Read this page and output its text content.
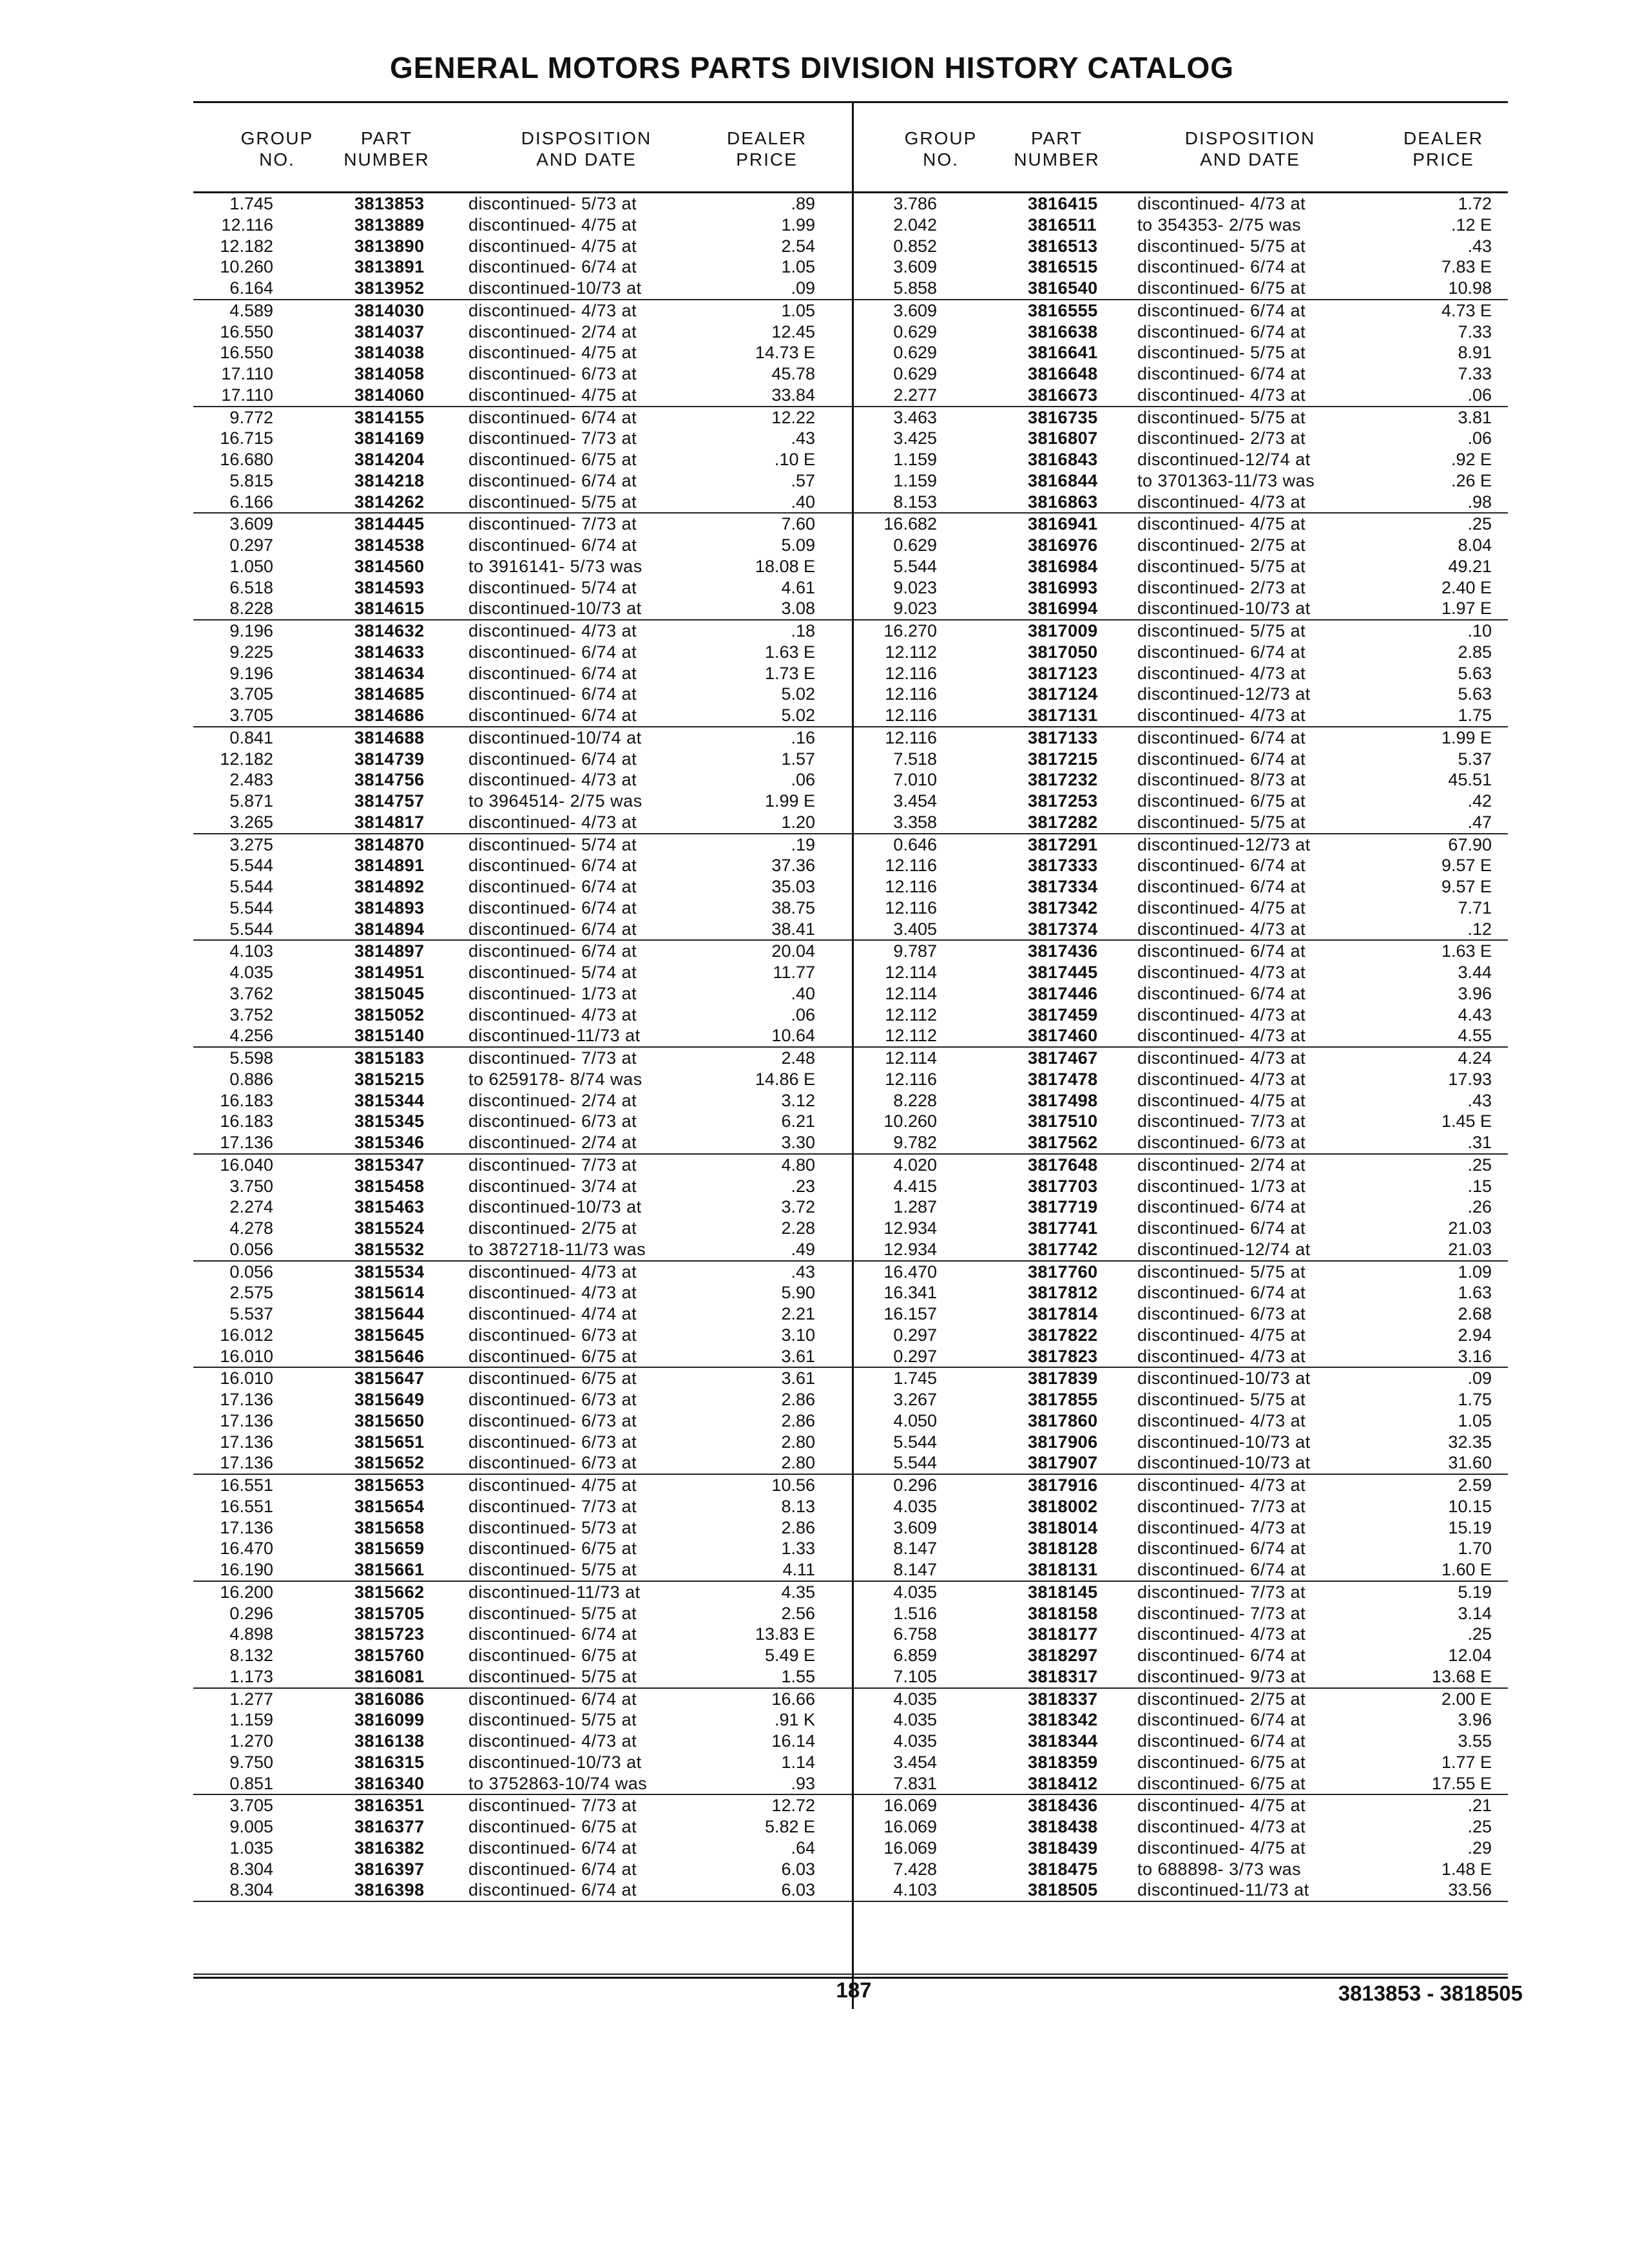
GENERAL MOTORS PARTS DIVISION HISTORY CATALOG
GROUP
NO.
PART
NUMBER
DISPOSITION
AND DATE
DEALER
PRICE
GROUP
NO.
PART
NUMBER
DISPOSITION
AND DATE
DEALER
PRICE
1.745	3813853	discontinued- 5/73 at	.89
12.116	3813889	discontinued- 4/75 at	1.99
12.182	3813890	discontinued- 4/75 at	2.54
10.260	3813891	discontinued- 6/74 at	1.05
6.164	3813952	discontinued-10/73 at	.09
4.589	3814030	discontinued- 4/73 at	1.05
16.550	3814037	discontinued- 2/74 at	12.45
16.550	3814038	discontinued- 4/75 at	14.73 E
17.110	3814058	discontinued- 6/73 at	45.78
17.110	3814060	discontinued- 4/75 at	33.84
9.772	3814155	discontinued- 6/74 at	12.22
16.715	3814169	discontinued- 7/73 at	.43
16.680	3814204	discontinued- 6/75 at	.10 E
5.815	3814218	discontinued- 6/74 at	.57
6.166	3814262	discontinued- 5/75 at	.40
3.609	3814445	discontinued- 7/73 at	7.60
0.297	3814538	discontinued- 6/74 at	5.09
1.050	3814560	to 3916141- 5/73 was	18.08 E
6.518	3814593	discontinued- 5/74 at	4.61
8.228	3814615	discontinued-10/73 at	3.08
9.196	3814632	discontinued- 4/73 at	.18
9.225	3814633	discontinued- 6/74 at	1.63 E
9.196	3814634	discontinued- 6/74 at	1.73 E
3.705	3814685	discontinued- 6/74 at	5.02
3.705	3814686	discontinued- 6/74 at	5.02
0.841	3814688	discontinued-10/74 at	.16
12.182	3814739	discontinued- 6/74 at	1.57
2.483	3814756	discontinued- 4/73 at	.06
5.871	3814757	to 3964514- 2/75 was	1.99 E
3.265	3814817	discontinued- 4/73 at	1.20
3.275	3814870	discontinued- 5/74 at	.19
5.544	3814891	discontinued- 6/74 at	37.36
5.544	3814892	discontinued- 6/74 at	35.03
5.544	3814893	discontinued- 6/74 at	38.75
5.544	3814894	discontinued- 6/74 at	38.41
4.103	3814897	discontinued- 6/74 at	20.04
4.035	3814951	discontinued- 5/74 at	11.77
3.762	3815045	discontinued- 1/73 at	.40
3.752	3815052	discontinued- 4/73 at	.06
4.256	3815140	discontinued-11/73 at	10.64
5.598	3815183	discontinued- 7/73 at	2.48
0.886	3815215	to 6259178- 8/74 was	14.86 E
16.183	3815344	discontinued- 2/74 at	3.12
16.183	3815345	discontinued- 6/73 at	6.21
17.136	3815346	discontinued- 2/74 at	3.30
16.040	3815347	discontinued- 7/73 at	4.80
3.750	3815458	discontinued- 3/74 at	.23
2.274	3815463	discontinued-10/73 at	3.72
4.278	3815524	discontinued- 2/75 at	2.28
0.056	3815532	to 3872718-11/73 was	.49
0.056	3815534	discontinued- 4/73 at	.43
2.575	3815614	discontinued- 4/73 at	5.90
5.537	3815644	discontinued- 4/74 at	2.21
16.012	3815645	discontinued- 6/73 at	3.10
16.010	3815646	discontinued- 6/75 at	3.61
16.010	3815647	discontinued- 6/75 at	3.61
17.136	3815649	discontinued- 6/73 at	2.86
17.136	3815650	discontinued- 6/73 at	2.86
17.136	3815651	discontinued- 6/73 at	2.80
17.136	3815652	discontinued- 6/73 at	2.80
16.551	3815653	discontinued- 4/75 at	10.56
16.551	3815654	discontinued- 7/73 at	8.13
17.136	3815658	discontinued- 5/73 at	2.86
16.470	3815659	discontinued- 6/75 at	1.33
16.190	3815661	discontinued- 5/75 at	4.11
16.200	3815662	discontinued-11/73 at	4.35
0.296	3815705	discontinued- 5/75 at	2.56
4.898	3815723	discontinued- 6/74 at	13.83 E
8.132	3815760	discontinued- 6/75 at	5.49 E
1.173	3816081	discontinued- 5/75 at	1.55
1.277	3816086	discontinued- 6/74 at	16.66
1.159	3816099	discontinued- 5/75 at	.91 K
1.270	3816138	discontinued- 4/73 at	16.14
9.750	3816315	discontinued-10/73 at	1.14
0.851	3816340	to 3752863-10/74 was	.93
3.705	3816351	discontinued- 7/73 at	12.72
9.005	3816377	discontinued- 6/75 at	5.82 E
1.035	3816382	discontinued- 6/74 at	.64
8.304	3816397	discontinued- 6/74 at	6.03
8.304	3816398	discontinued- 6/74 at	6.03
3.786	3816415 discontinued- 4/73 at	1.72
2.042	3816511 to 354353- 2/75 was	.12 E
0.852	3816513 discontinued- 5/75 at	.43
3.609	3816515 discontinued- 6/74 at	7.83 E
5.858	3816540 discontinued- 6/75 at	10.98
3.609	3816555 discontinued- 6/74 at	4.73 E
0.629	3816638 discontinued- 6/74 at	7.33
0.629	3816641 discontinued- 5/75 at	8.91
0.629	3816648 discontinued- 6/74 at	7.33
2.277	3816673 discontinued- 4/73 at	.06
3.463	3816735 discontinued- 5/75 at	3.81
3.425	3816807 discontinued- 2/73 at	.06
1.159	3816843 discontinued-12/74 at	.92 E
1.159	3816844 to 3701363-11/73 was	.26 E
8.153	3816863 discontinued- 4/73 at	.98
16.682	3816941 discontinued- 4/75 at	.25
0.629	3816976 discontinued- 2/75 at	8.04
5.544	3816984 discontinued- 5/75 at	49.21
9.023	3816993 discontinued- 2/73 at	2.40 E
9.023	3816994 discontinued-10/73 at	1.97 E
16.270	3817009 discontinued- 5/75 at	.10
12.112	3817050 discontinued- 6/74 at	2.85
12.116	3817123 discontinued- 4/73 at	5.63
12.116	3817124 discontinued-12/73 at	5.63
12.116	3817131 discontinued- 4/73 at	1.75
12.116	3817133 discontinued- 6/74 at	1.99 E
7.518	3817215 discontinued- 6/74 at	5.37
7.010	3817232 discontinued- 8/73 at	45.51
3.454	3817253 discontinued- 6/75 at	.42
3.358	3817282 discontinued- 5/75 at	.47
0.646	3817291 discontinued-12/73 at	67.90
12.116	3817333 discontinued- 6/74 at	9.57 E
12.116	3817334 discontinued- 6/74 at	9.57 E
12.116	3817342 discontinued- 4/75 at	7.71
3.405	3817374 discontinued- 4/73 at	.12
9.787	3817436 discontinued- 6/74 at	1.63 E
12.114	3817445 discontinued- 4/73 at	3.44
12.114	3817446 discontinued- 6/74 at	3.96
12.112	3817459 discontinued- 4/73 at	4.43
12.112	3817460 discontinued- 4/73 at	4.55
12.114	3817467 discontinued- 4/73 at	4.24
12.116	3817478 discontinued- 4/73 at	17.93
8.228	3817498 discontinued- 4/75 at	.43
10.260	3817510 discontinued- 7/73 at	1.45 E
9.782	3817562 discontinued- 6/73 at	.31
4.020	3817648 discontinued- 2/74 at	.25
4.415	3817703 discontinued- 1/73 at	.15
1.287	3817719 discontinued- 6/74 at	.26
12.934	3817741 discontinued- 6/74 at	21.03
12.934	3817742 discontinued-12/74 at	21.03
16.470	3817760 discontinued- 5/75 at	1.09
16.341	3817812 discontinued- 6/74 at	1.63
16.157	3817814 discontinued- 6/73 at	2.68
0.297	3817822 discontinued- 4/75 at	2.94
0.297	3817823 discontinued- 4/73 at	3.16
1.745	3817839 discontinued-10/73 at	.09
3.267	3817855 discontinued- 5/75 at	1.75
4.050	3817860 discontinued- 4/73 at	1.05
5.544	3817906 discontinued-10/73 at	32.35
5.544	3817907 discontinued-10/73 at	31.60
0.296	3817916 discontinued- 4/73 at	2.59
4.035	3818002 discontinued- 7/73 at	10.15
3.609	3818014 discontinued- 4/73 at	15.19
8.147	3818128 discontinued- 6/74 at	1.70
8.147	3818131 discontinued- 6/74 at	1.60 E
4.035	3818145 discontinued- 7/73 at	5.19
1.516	3818158 discontinued- 7/73 at	3.14
6.758	3818177 discontinued- 4/73 at	.25
6.859	3818297 discontinued- 6/74 at	12.04
7.105	3818317 discontinued- 9/73 at	13.68 E
4.035	3818337 discontinued- 2/75 at	2.00 E
4.035	3818342 discontinued- 6/74 at	3.96
4.035	3818344 discontinued- 6/74 at	3.55
3.454	3818359 discontinued- 6/75 at	1.77 E
7.831	3818412 discontinued- 6/75 at	17.55 E
16.069	3818436 discontinued- 4/75 at	.21
16.069	3818438 discontinued- 4/73 at	.25
16.069	3818439 discontinued- 4/75 at	.29
7.428	3818475 to 688898- 3/73 was	1.48 E
4.103	3818505 discontinued-11/73 at	33.56
187	3813853 - 3818505
